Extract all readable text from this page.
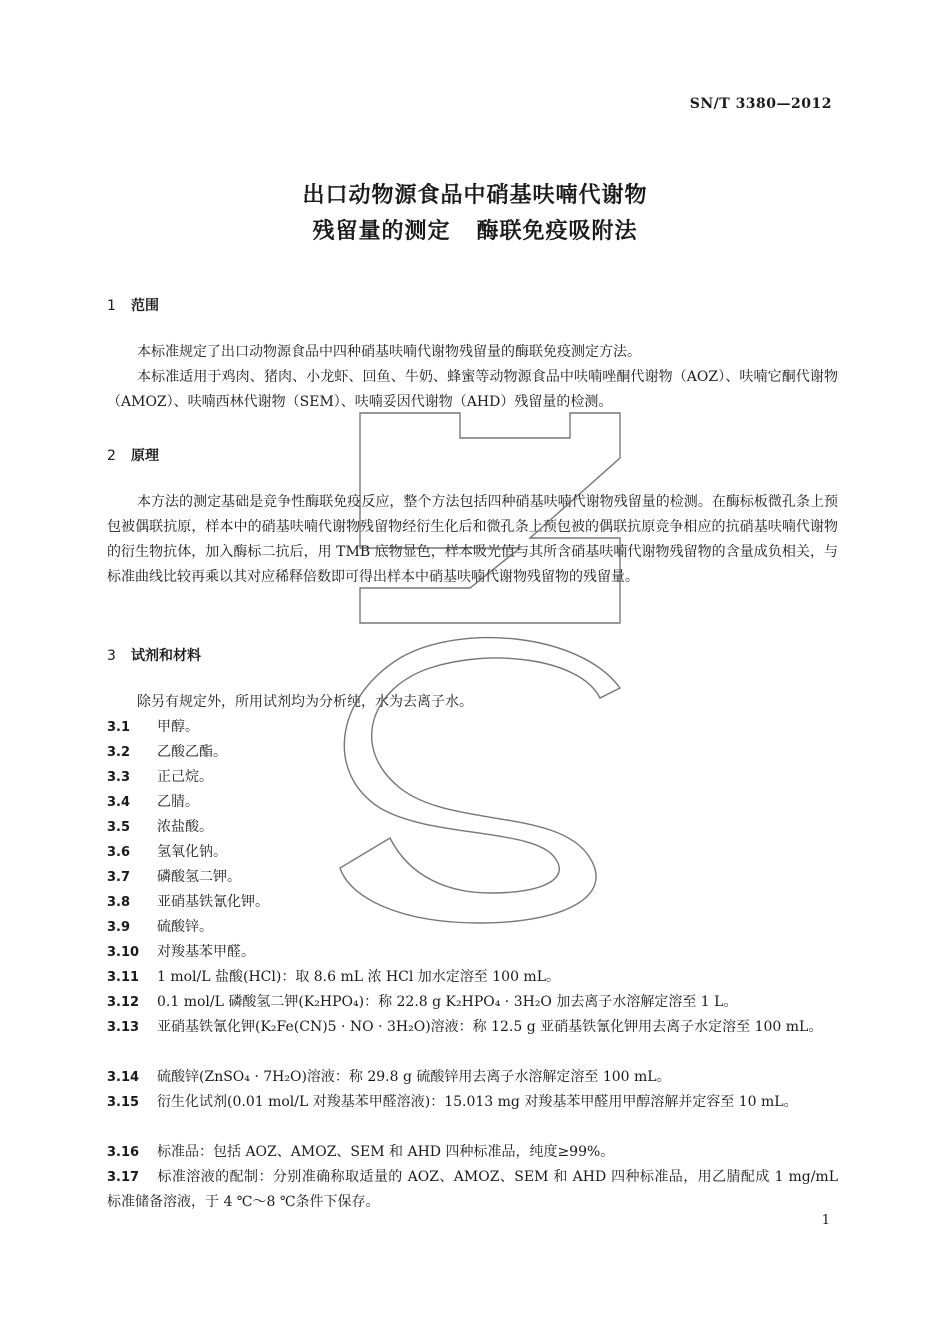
SN/T 3380—2012
出口动物源食品中硝基呋喃代谢物
残留量的测定 酶联免疫吸附法
1 范围
本标准规定了出口动物源食品中四种硝基呋喃代谢物残留量的酶联免疫测定方法。
本标准适用于鸡肉、猪肉、小龙虾、回鱼、牛奶、蜂蜜等动物源食品中呋喃唑酮代谢物（AOZ）、呋喃它酮代谢物（AMOZ）、呋喃西林代谢物（SEM）、呋喃妥因代谢物（AHD）残留量的检测。
2 原理
本方法的测定基础是竞争性酶联免疫反应，整个方法包括四种硝基呋喃代谢物残留量的检测。在酶标板微孔条上预包被偶联抗原，样本中的硝基呋喃代谢物残留物经衍生化后和微孔条上预包被的偶联抗原竞争相应的抗硝基呋喃代谢物的衍生物抗体，加入酶标二抗后，用 TMB 底物显色，样本吸光值与其所含硝基呋喃代谢物残留物的含量成负相关，与标准曲线比较再乘以其对应稀释倍数即可得出样本中硝基呋喃代谢物残留物的残留量。
3 试剂和材料
除另有规定外，所用试剂均为分析纯，水为去离子水。
3.1 甲醇。
3.2 乙酸乙酯。
3.3 正己烷。
3.4 乙腈。
3.5 浓盐酸。
3.6 氢氧化钠。
3.7 磷酸氢二钾。
3.8 亚硝基铁氰化钾。
3.9 硫酸锌。
3.10 对羧基苯甲醛。
3.11 1 mol/L 盐酸(HCl)：取 8.6 mL 浓 HCl 加水定溶至 100 mL。
3.12 0.1 mol/L 磷酸氢二钾(K₂HPO₄)：称 22.8 g K₂HPO₄ · 3H₂O 加去离子水溶解定溶至 1 L。
3.13 亚硝基铁氰化钾(K₂Fe(CN)5 · NO · 3H₂O)溶液：称 12.5 g 亚硝基铁氰化钾用去离子水定溶至 100 mL。
3.14 硫酸锌(ZnSO₄ · 7H₂O)溶液：称 29.8 g 硫酸锌用去离子水溶解定溶至 100 mL。
3.15 衍生化试剂(0.01 mol/L 对羧基苯甲醛溶液)：15.013 mg 对羧基苯甲醛用甲醇溶解并定容至 10 mL。
3.16 标准品：包括 AOZ、AMOZ、SEM 和 AHD 四种标准品，纯度≥99%。
3.17 标准溶液的配制：分别准确称取适量的 AOZ、AMOZ、SEM 和 AHD 四种标准品，用乙腈配成 1 mg/mL 标准储备溶液，于 4 ℃～8 ℃条件下保存。
1
